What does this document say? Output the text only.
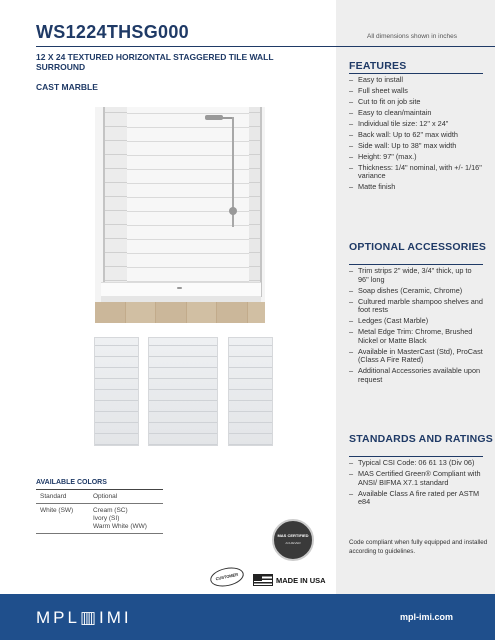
WS1224THSG000	All dimensions shown in inches
12 X 24 TEXTURED HORIZONTAL STAGGERED TILE WALL SURROUND
CAST MARBLE
AVAILABLE COLORS
Standard	Optional
White (SW)	Cream (SC)
Ivory (SI)
Warm White (WW)
FEATURES
– Easy to install
– Full sheet walls
– Cut to fit on job site
– Easy to clean/maintain
– Individual tile size: 12" x 24"
– Back wall: Up to 62" max width
– Side wall: Up to 38" max width
– Height: 97" (max.)
– Thickness: 1/4" nominal, with +/- 1/16" variance
– Matte finish
OPTIONAL ACCESSORIES
– Trim strips 2" wide, 3/4" thick, up to 96" long
– Soap dishes (Ceramic, Chrome)
– Cultured marble shampoo shelves and foot rests
– Ledges (Cast Marble)
– Metal Edge Trim: Chrome, Brushed Nickel or Matte Black
– Available in MasterCast (Std), ProCast (Class A Fire Rated)
– Additional Accessories available upon request
STANDARDS AND RATINGS
– Typical CSI Code: 06 61 13 (Div 06)
– MAS Certified Green® Compliant with ANSI/ BIFMA X7.1 standard
– Available Class A fire rated per ASTM e84
Code compliant when fully equipped and installed according to guidelines.
MAS CERTIFIED
ACHIEVER
CUSTOMER	MADE IN USA
MPL▥IMI	mpl-imi.com
